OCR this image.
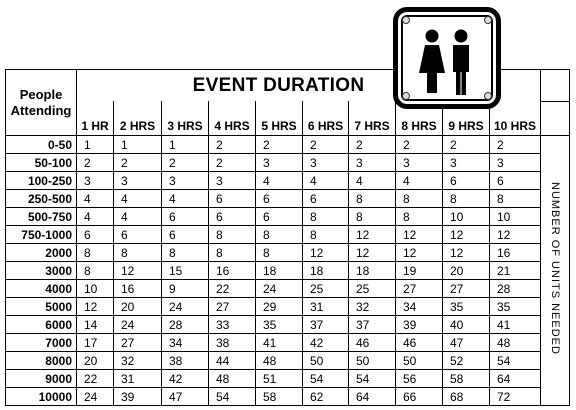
People
Attending	EVENT DURATION										
	1 HR	2 HRS	3 HRS	4 HRS	5 HRS	6 HRS	7 HRS	8 HRS	9 HRS	10 HRS	
0-50	1	1	1	2	2	2	2	2	2	2	NUMBER OF UNITS NEEDED
50-100	2	2	2	2	3	3	3	3	3	3	
100-250	3	3	3	3	4	4	4	4	6	6	
250-500	4	4	4	6	6	6	8	8	8	8	
500-750	4	4	6	6	6	8	8	8	10	10	
750-1000	6	6	6	8	8	8	12	12	12	12	
2000	8	8	8	8	8	12	12	12	12	16	
3000	8	12	15	16	18	18	18	19	20	21	
4000	10	16	9	22	24	25	25	27	27	28	
5000	12	20	24	27	29	31	32	34	35	35	
6000	14	24	28	33	35	37	37	39	40	41	
7000	17	27	34	38	41	42	46	46	47	48	
8000	20	32	38	44	48	50	50	50	52	54	
9000	22	31	42	48	51	54	54	56	58	64	
10000	24	39	47	54	58	62	64	66	68	72	
